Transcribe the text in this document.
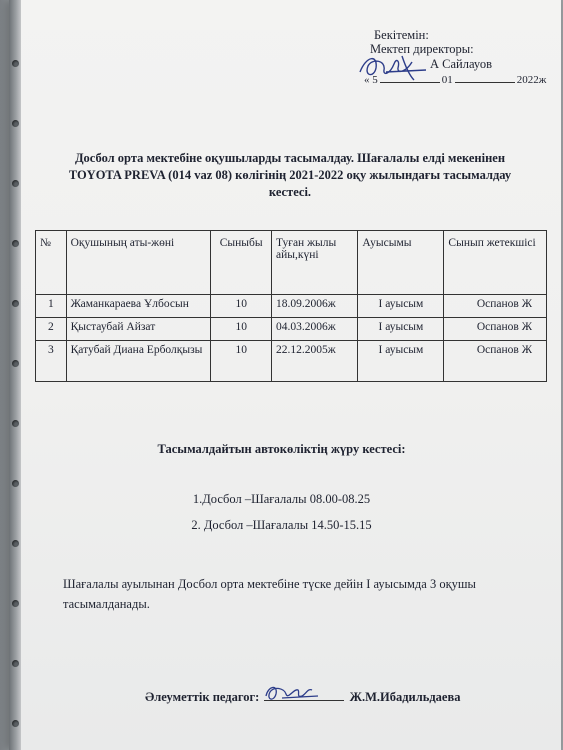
Бекітемін:
Мектеп директоры:
А Сайлауов
« 5	01	2022ж
Досбол орта мектебіне оқушыларды тасымалдау. Шағалалы елді мекенінен TOYOTA PREVA (014 vaz 08) көлігінің 2021-2022 оқу жылындағы тасымалдау кестесі.
№	Оқушының аты-жөні	Сыныбы	Туған жылы айы,күні	Ауысымы	Сынып жетекшісі
1	Жаманкараева Ұлбосын	10	18.09.2006ж	І ауысым	Оспанов Ж
2	Қыстаубай Айзат	10	04.03.2006ж	І ауысым	Оспанов Ж
3	Қатубай Диана Ерболқызы	10	22.12.2005ж	І ауысым	Оспанов Ж
Тасымалдайтын автокөліктің жүру кестесі:
1.Досбол –Шағалалы 08.00-08.25
2. Досбол –Шағалалы 14.50-15.15
Шағалалы ауылынан Досбол орта мектебіне түске дейін І ауысымда 3 оқушы тасымалданады.
Әлеуметтік педагог:	Ж.М.Ибадильдаева
